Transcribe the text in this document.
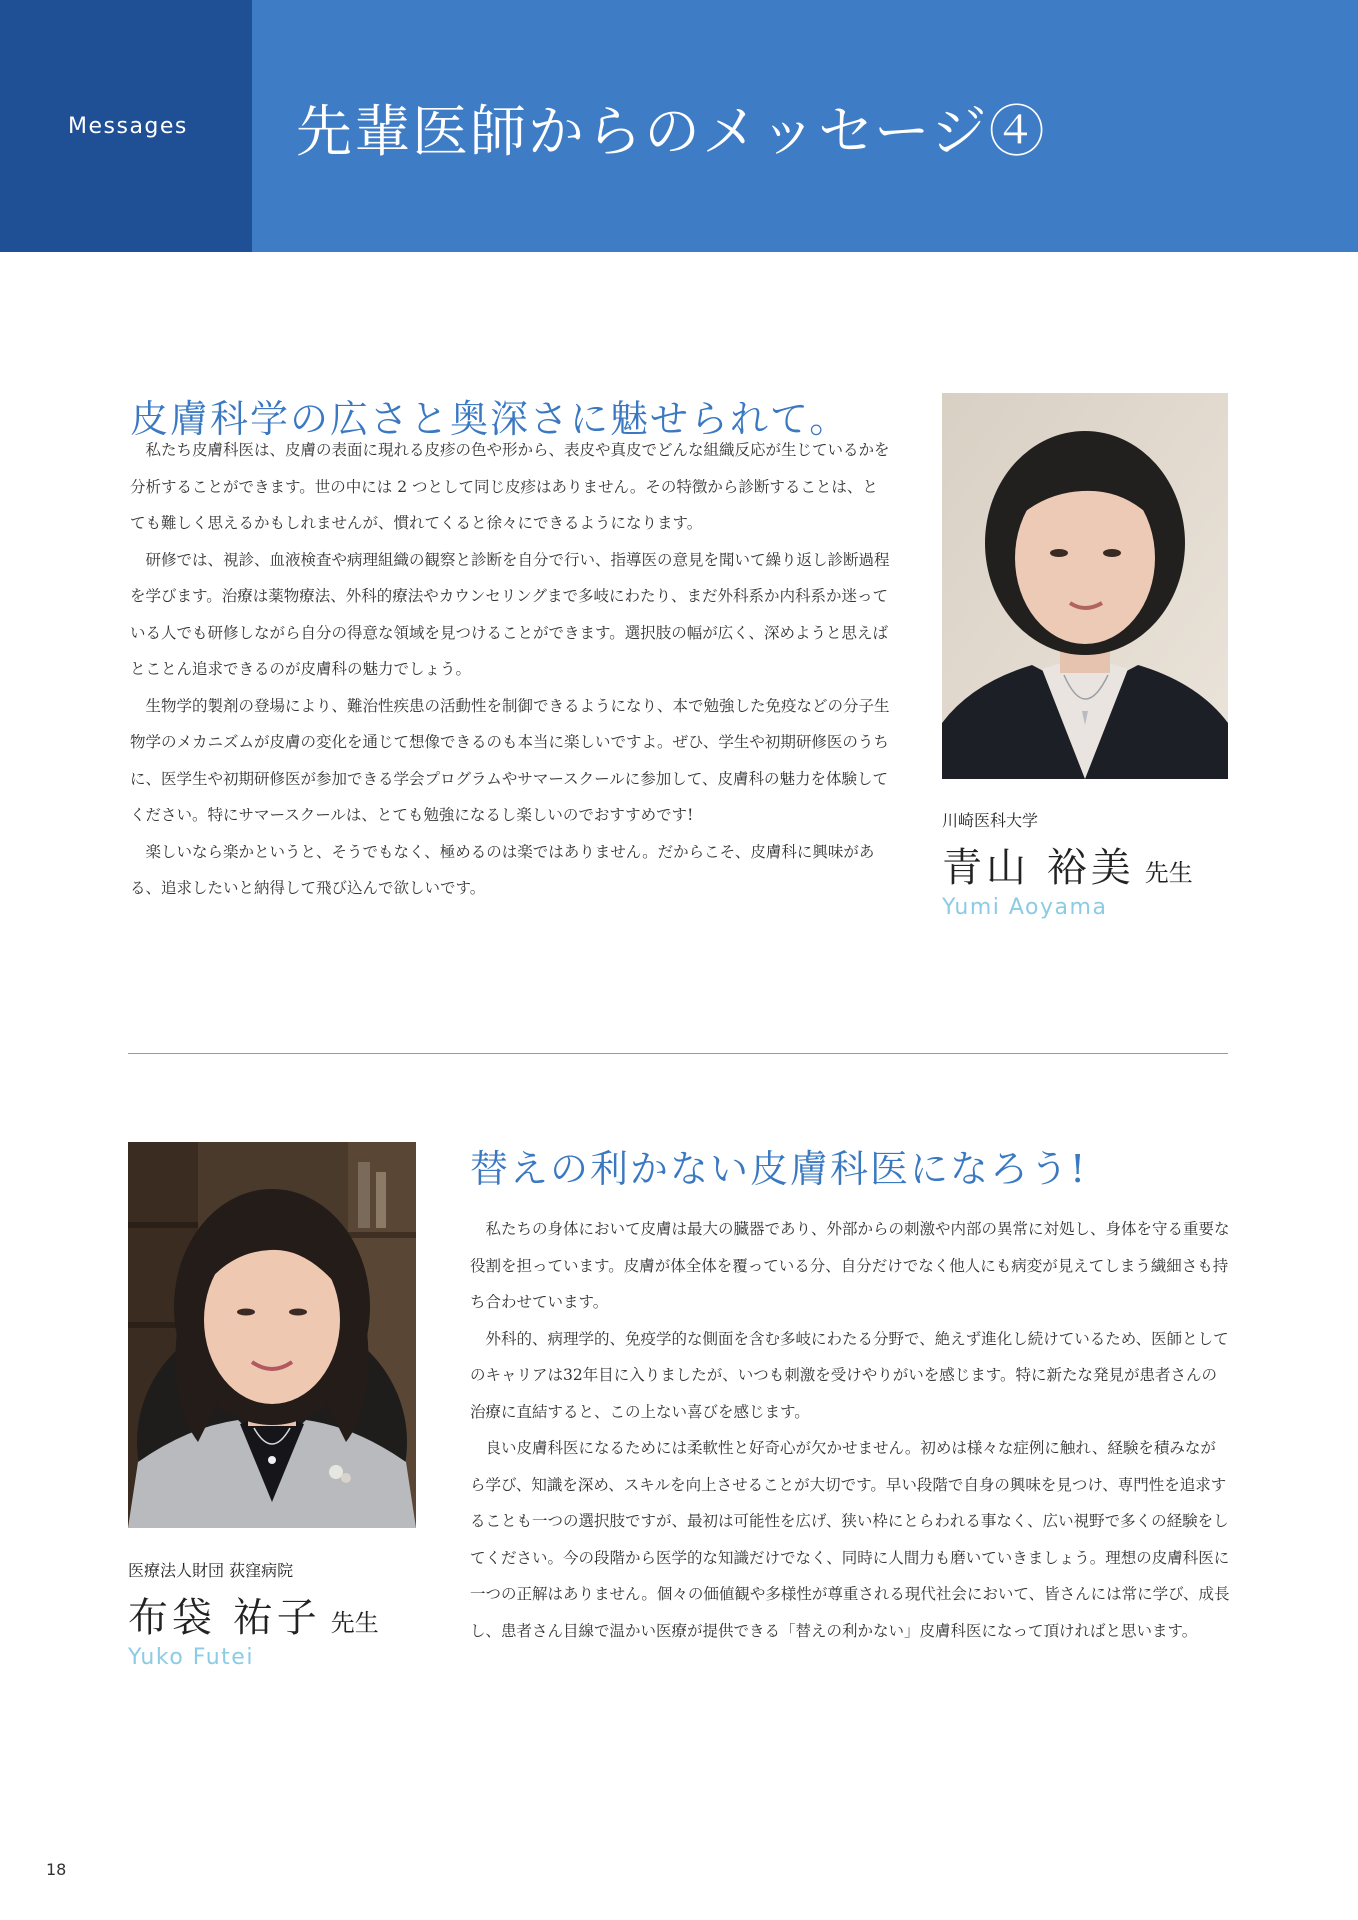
Messages 先輩医師からのメッセージ④
皮膚科学の広さと奥深さに魅せられて。

私たち皮膚科医は、皮膚の表面に現れる皮疹の色や形から、表皮や真皮でどんな組織反応が生じているかを分析することができます。世の中には 2 つとして同じ皮疹はありません。その特徴から診断することは、とても難しく思えるかもしれませんが、慣れてくると徐々にできるようになります。

研修では、視診、血液検査や病理組織の観察と診断を自分で行い、指導医の意見を聞いて繰り返し診断過程を学びます。治療は薬物療法、外科的療法やカウンセリングまで多岐にわたり、まだ外科系か内科系か迷っている人でも研修しながら自分の得意な領域を見つけることができます。選択肢の幅が広く、深めようと思えばとことん追求できるのが皮膚科の魅力でしょう。

生物学的製剤の登場により、難治性疾患の活動性を制御できるようになり、本で勉強した免疫などの分子生物学のメカニズムが皮膚の変化を通じて想像できるのも本当に楽しいですよ。ぜひ、学生や初期研修医のうちに、医学生や初期研修医が参加できる学会プログラムやサマースクールに参加して、皮膚科の魅力を体験してください。特にサマースクールは、とても勉強になるし楽しいのでおすすめです!

楽しいなら楽かというと、そうでもなく、極めるのは楽ではありません。だからこそ、皮膚科に興味がある、追求したいと納得して飛び込んで欲しいです。

川崎医科大学
青山 裕美 先生
Yumi Aoyama
医療法人財団 荻窪病院
布袋 祐子 先生
Yuko Futei
替えの利かない皮膚科医になろう!

私たちの身体において皮膚は最大の臓器であり、外部からの刺激や内部の異常に対処し、身体を守る重要な役割を担っています。皮膚が体全体を覆っている分、自分だけでなく他人にも病変が見えてしまう繊細さも持ち合わせています。

外科的、病理学的、免疫学的な側面を含む多岐にわたる分野で、絶えず進化し続けているため、医師としてのキャリアは32年目に入りましたが、いつも刺激を受けやりがいを感じます。特に新たな発見が患者さんの治療に直結すると、この上ない喜びを感じます。

良い皮膚科医になるためには柔軟性と好奇心が欠かせません。初めは様々な症例に触れ、経験を積みながら学び、知識を深め、スキルを向上させることが大切です。早い段階で自身の興味を見つけ、専門性を追求することも一つの選択肢ですが、最初は可能性を広げ、狭い枠にとらわれる事なく、広い視野で多くの経験をしてください。今の段階から医学的な知識だけでなく、同時に人間力も磨いていきましょう。理想の皮膚科医に一つの正解はありません。個々の価値観や多様性が尊重される現代社会において、皆さんには常に学び、成長し、患者さん目線で温かい医療が提供できる「替えの利かない」皮膚科医になって頂ければと思います。

18
